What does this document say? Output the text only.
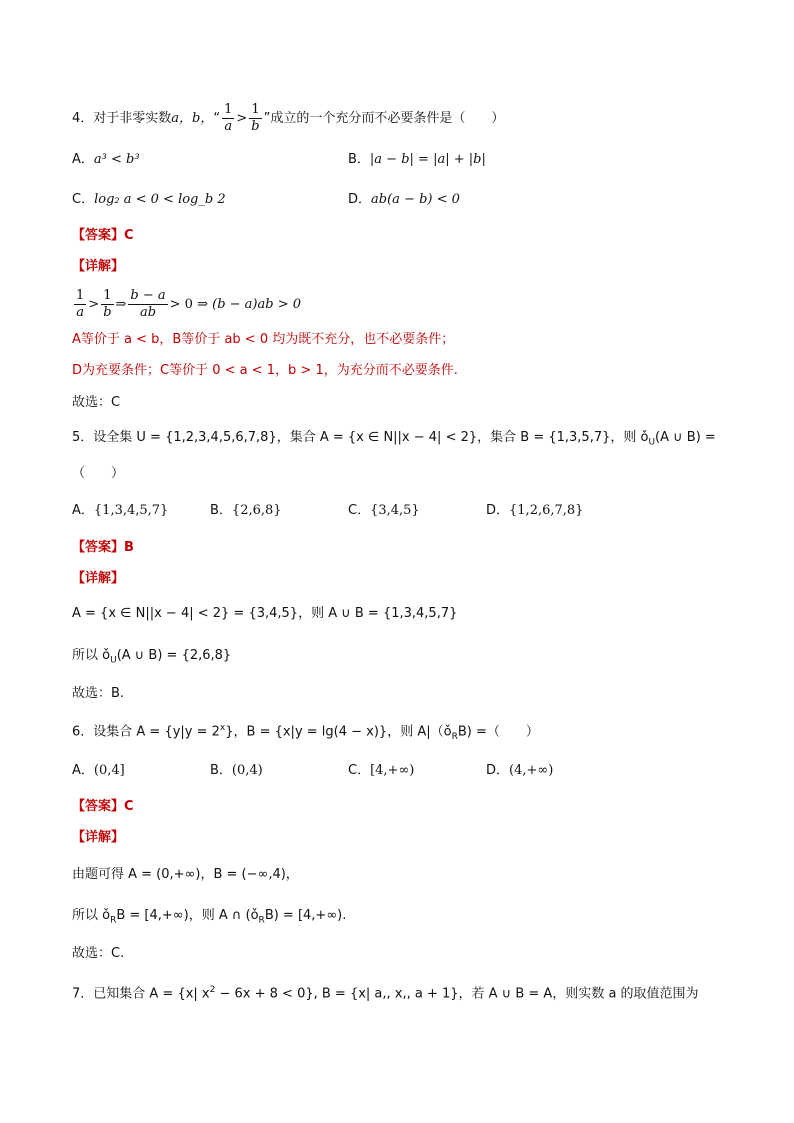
4．对于非零实数a，b，“ $\frac{1}{a} > \frac{1}{b}$ ”成立的一个充分而不必要条件是（　　）
A．a³ < b³	B．|a − b| = |a| + |b|
C．log₂ a < 0 < log_b 2	D．ab(a − b) < 0
【答案】C
【详解】
$\frac{1}{a} > \frac{1}{b}$ ⇒ $\frac{b - a}{ab} > 0$ ⇒ (b − a)ab > 0
A等价于 a < b，B等价于 ab < 0 均为既不充分，也不必要条件；
D为充要条件；C等价于 0 < a < 1，b > 1，为充分而不必要条件.
故选：C
5．设全集 U = {1,2,3,4,5,6,7,8}，集合 A = {x ∈ N||x − 4| < 2}，集合 B = {1,3,5,7}，则 $ǒ_U(A$ ∪ B) =
（　　）
A．{1,3,4,5,7}	B．{2,6,8}	C．{3,4,5}	D．{1,2,6,7,8}
【答案】B
【详解】
A = {x ∈ N||x − 4| < 2} = {3,4,5}，则 A ∪ B = {1,3,4,5,7}
所以 $ǒ_U(A$ ∪ B) = {2,6,8}
故选：B.
6．设集合 $A = \{y|y = 2^x\}$，B = {x|y = lg(4 − x)}，则 $A|(ǒ_RB)$ =（　　）
A．(0,4]	B．(0,4)	C．[4,+∞)	D．(4,+∞)
【答案】C
【详解】
由题可得 A = (0,+∞)，B = (−∞,4)，
所以 $ǒ_RB = [4,+\infty)$，则 A ∩ $(ǒ_RB) = [4,+\infty)$.
故选：C.
7．已知集合 A = {x| $x^2 - 6x + 8 < 0$}, B = {x| a,, x,, a + 1}，若 A ∪ B = A，则实数 a 的取值范围为
